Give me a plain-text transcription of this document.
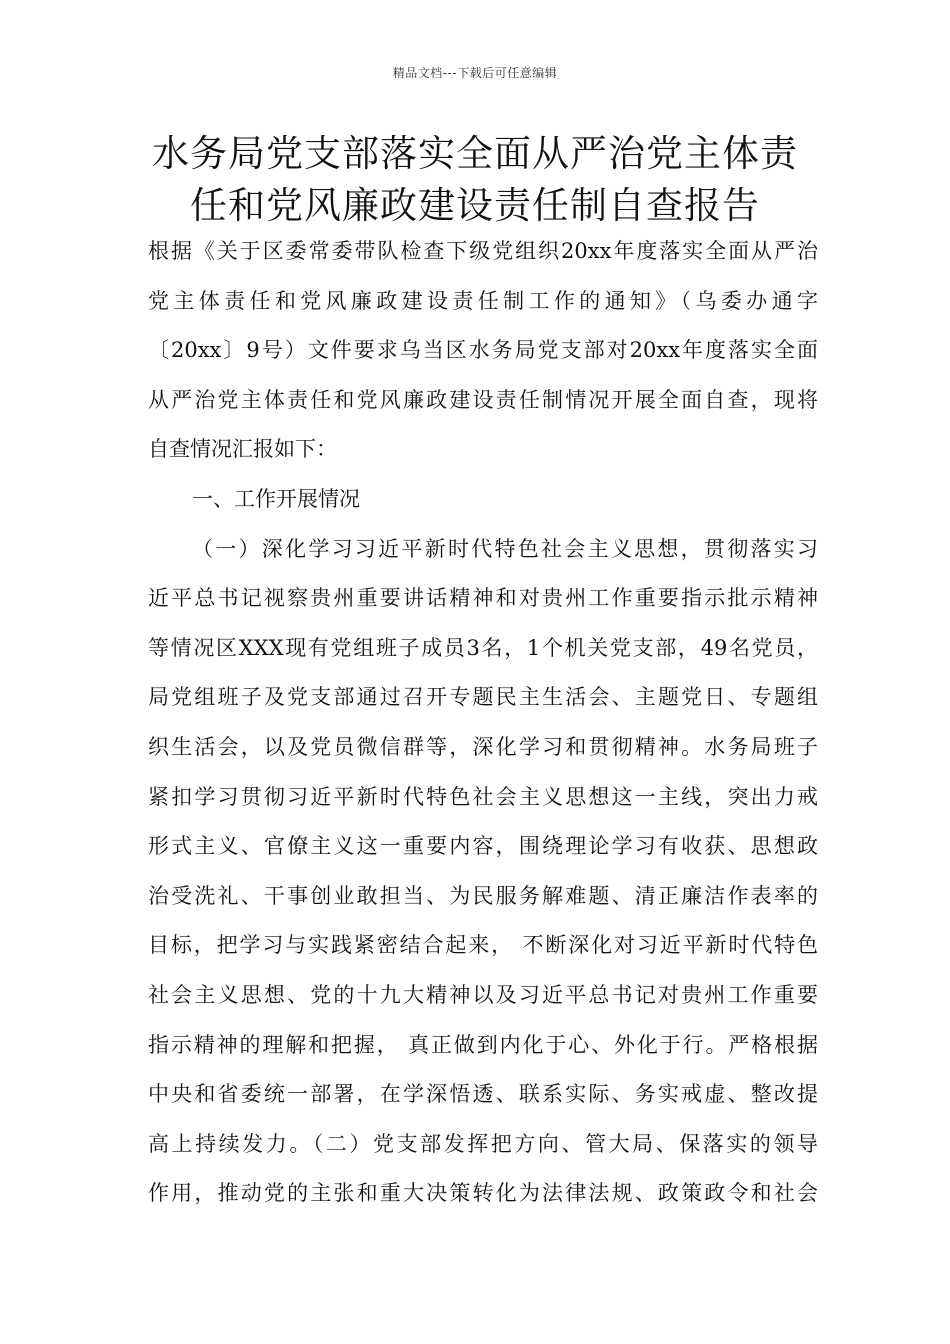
精品文档---下载后可任意编辑
水务局党支部落实全面从严治党主体责
任和党风廉政建设责任制自查报告
根据《关于区委常委带队检查下级党组织20xx年度落实全面从严治
党主体责任和党风廉政建设责任制工作的通知》（乌委办通字
〔20xx〕9号）文件要求乌当区水务局党支部对20xx年度落实全面
从严治党主体责任和党风廉政建设责任制情况开展全面自查，现将
自查情况汇报如下：
一、工作开展情况
（一）深化学习习近平新时代特色社会主义思想，贯彻落实习
近平总书记视察贵州重要讲话精神和对贵州工作重要指示批示精神
等情况区XXX现有党组班子成员3名，1个机关党支部，49名党员，
局党组班子及党支部通过召开专题民主生活会、主题党日、专题组
织生活会，以及党员微信群等，深化学习和贯彻精神。水务局班子
紧扣学习贯彻习近平新时代特色社会主义思想这一主线，突出力戒
形式主义、官僚主义这一重要内容，围绕理论学习有收获、思想政
治受洗礼、干事创业敢担当、为民服务解难题、清正廉洁作表率的
目标，把学习与实践紧密结合起来， 不断深化对习近平新时代特色
社会主义思想、党的十九大精神以及习近平总书记对贵州工作重要
指示精神的理解和把握， 真正做到内化于心、外化于行。严格根据
中央和省委统一部署，在学深悟透、联系实际、务实戒虚、整改提
高上持续发力。（二）党支部发挥把方向、管大局、保落实的领导
作用，推动党的主张和重大决策转化为法律法规、政策政令和社会
